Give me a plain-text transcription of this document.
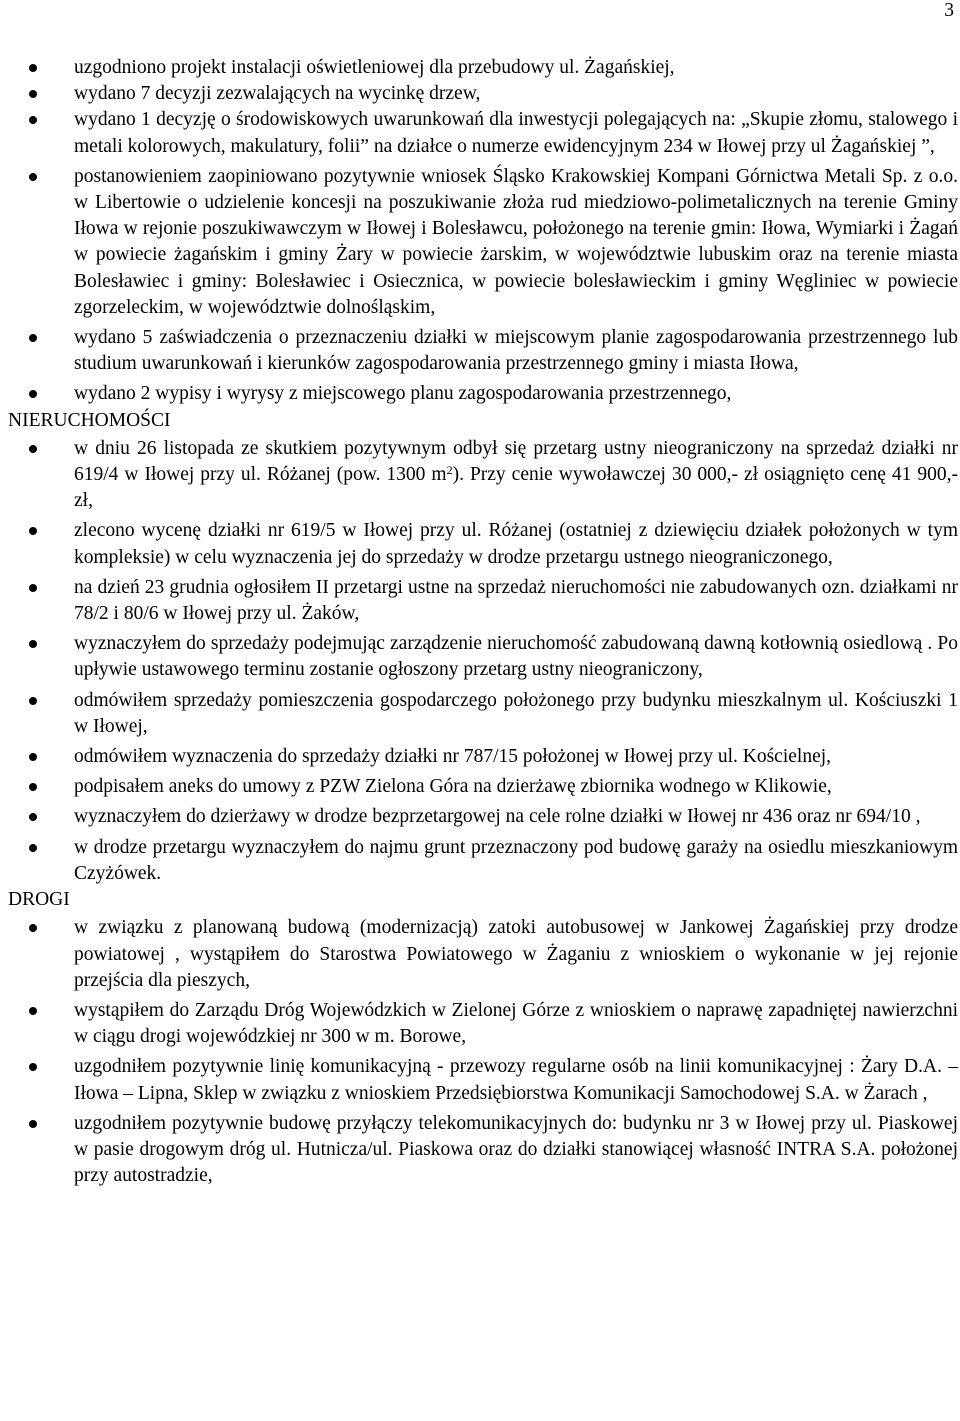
3
uzgodniono projekt instalacji oświetleniowej dla przebudowy ul. Żagańskiej,
wydano 7 decyzji zezwalających na wycinkę drzew,
wydano 1 decyzję o środowiskowych uwarunkowań dla inwestycji polegających na: „Skupie złomu, stalowego i metali kolorowych, makulatury, folii” na działce o numerze ewidencyjnym 234 w Iłowej przy ul Żagańskiej ”,
postanowieniem zaopiniowano pozytywnie wniosek Śląsko Krakowskiej Kompani Górnictwa Metali Sp. z o.o. w Libertowie o udzielenie koncesji na poszukiwanie złoża rud miedziowo-polimetalicznych na terenie Gminy Iłowa w rejonie poszukiwawczym w Iłowej i Bolesławcu, położonego na terenie gmin: Iłowa, Wymiarki i Żagań w powiecie żagańskim i gminy Żary w powiecie żarskim, w województwie lubuskim oraz na terenie miasta Bolesławiec i gminy: Bolesławiec i Osiecznica, w powiecie bolesławieckim i gminy Węgliniec w powiecie zgorzeleckim, w województwie dolnośląskim,
wydano 5 zaświadczenia o przeznaczeniu działki w miejscowym planie zagospodarowania przestrzennego lub studium uwarunkowań i kierunków zagospodarowania przestrzennego gminy i miasta Iłowa,
wydano 2 wypisy i wyrysy z miejscowego planu zagospodarowania przestrzennego,
NIERUCHOMOŚCI
w dniu 26 listopada ze skutkiem pozytywnym odbył się przetarg ustny nieograniczony na sprzedaż działki nr 619/4 w Iłowej przy ul. Różanej (pow. 1300 $m^2$). Przy cenie wywoławczej 30 000,- zł osiągnięto cenę 41 900,- zł,
zlecono wycenę działki nr 619/5 w Iłowej przy ul. Różanej (ostatniej z dziewięciu działek położonych w tym kompleksie) w celu wyznaczenia jej do sprzedaży w drodze przetargu ustnego nieograniczonego,
na dzień 23 grudnia ogłosiłem II przetargi ustne na sprzedaż nieruchomości nie zabudowanych ozn. działkami nr 78/2 i 80/6 w Iłowej przy ul. Żaków,
wyznaczyłem do sprzedaży podejmując zarządzenie nieruchomość zabudowaną dawną kotłownią osiedlową . Po upływie ustawowego terminu zostanie ogłoszony przetarg ustny nieograniczony,
odmówiłem sprzedaży pomieszczenia gospodarczego położonego przy budynku mieszkalnym ul. Kościuszki 1 w Iłowej,
odmówiłem wyznaczenia do sprzedaży działki nr 787/15 położonej w Iłowej przy ul. Kościelnej,
podpisałem aneks do umowy z PZW Zielona Góra na dzierżawę zbiornika wodnego w Klikowie,
wyznaczyłem do dzierżawy w drodze bezprzetargowej na cele rolne działki w Iłowej nr 436 oraz nr 694/10 ,
w drodze przetargu wyznaczyłem do najmu grunt przeznaczony pod budowę garaży na osiedlu mieszkaniowym Czyżówek.
DROGI
w związku z planowaną budową (modernizacją) zatoki autobusowej w Jankowej Żagańskiej przy drodze powiatowej , wystąpiłem do Starostwa Powiatowego w Żaganiu z wnioskiem o wykonanie w jej rejonie przejścia dla pieszych,
wystąpiłem do Zarządu Dróg Wojewódzkich w Zielonej Górze z wnioskiem o naprawę zapadniętej nawierzchni w ciągu drogi wojewódzkiej nr 300 w m. Borowe,
uzgodniłem pozytywnie linię komunikacyjną - przewozy regularne osób na linii komunikacyjnej : Żary D.A. – Iłowa – Lipna, Sklep w związku z wnioskiem Przedsiębiorstwa Komunikacji Samochodowej S.A. w Żarach ,
uzgodniłem pozytywnie budowę przyłączy telekomunikacyjnych do: budynku nr 3 w Iłowej przy ul. Piaskowej w pasie drogowym dróg ul. Hutnicza/ul. Piaskowa oraz do działki stanowiącej własność INTRA S.A. położonej przy autostradzie,
